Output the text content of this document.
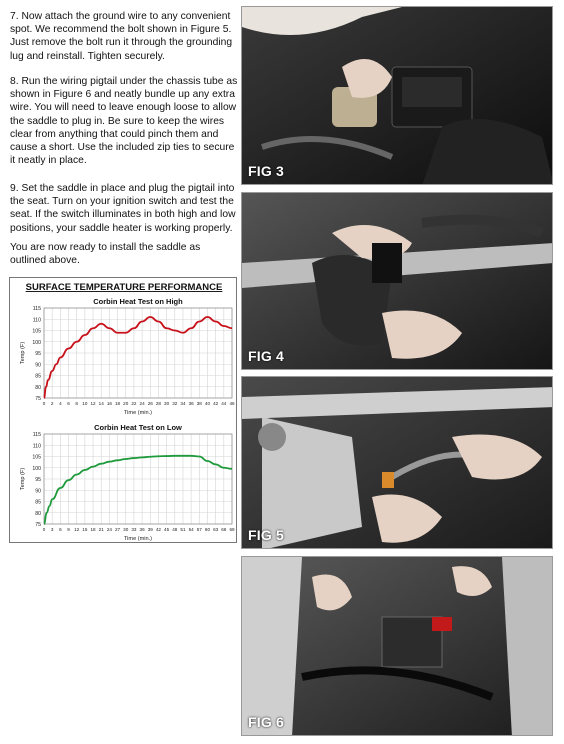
7. Now attach the ground wire to any convenient spot. We recommend the bolt shown in Figure 5. Just remove the bolt run it through the grounding lug and reinstall. Tighten securely.

8. Run the wiring pigtail under the chassis tube as shown in Figure 6 and neatly bundle up any extra wire. You will need to leave enough loose to allow the saddle to plug in. Be sure to keep the wires clear from anything that could pinch them and cause a short. Use the included zip ties to secure it neatly in place.

9. Set the saddle in place and plug the pigtail into the seat. Turn on your ignition switch and test the seat. If the switch illuminates in both high and low positions, your saddle heater is working properly.

You are now ready to install the saddle as outlined above.

SURFACE TEMPERATURE PERFORMANCE
Corbin Heat Test on High
75
80
85
90
95
100
105
110
115
0 2 4 6 8 10 12 14 16 18 20 22 24 26 28 30 32 34 36 38 40 42 44 46
Time (min.)
Temp (F)
Corbin Heat Test on Low
75
80
85
90
95
100
105
110
115
0 3 6 9 12 15 18 21 24 27 30 33 36 39 42 45 48 51 54 57 60 63 66 69
Time (min.)
Temp (F)
FIG 3
FIG 4
FIG 5
FIG 6
